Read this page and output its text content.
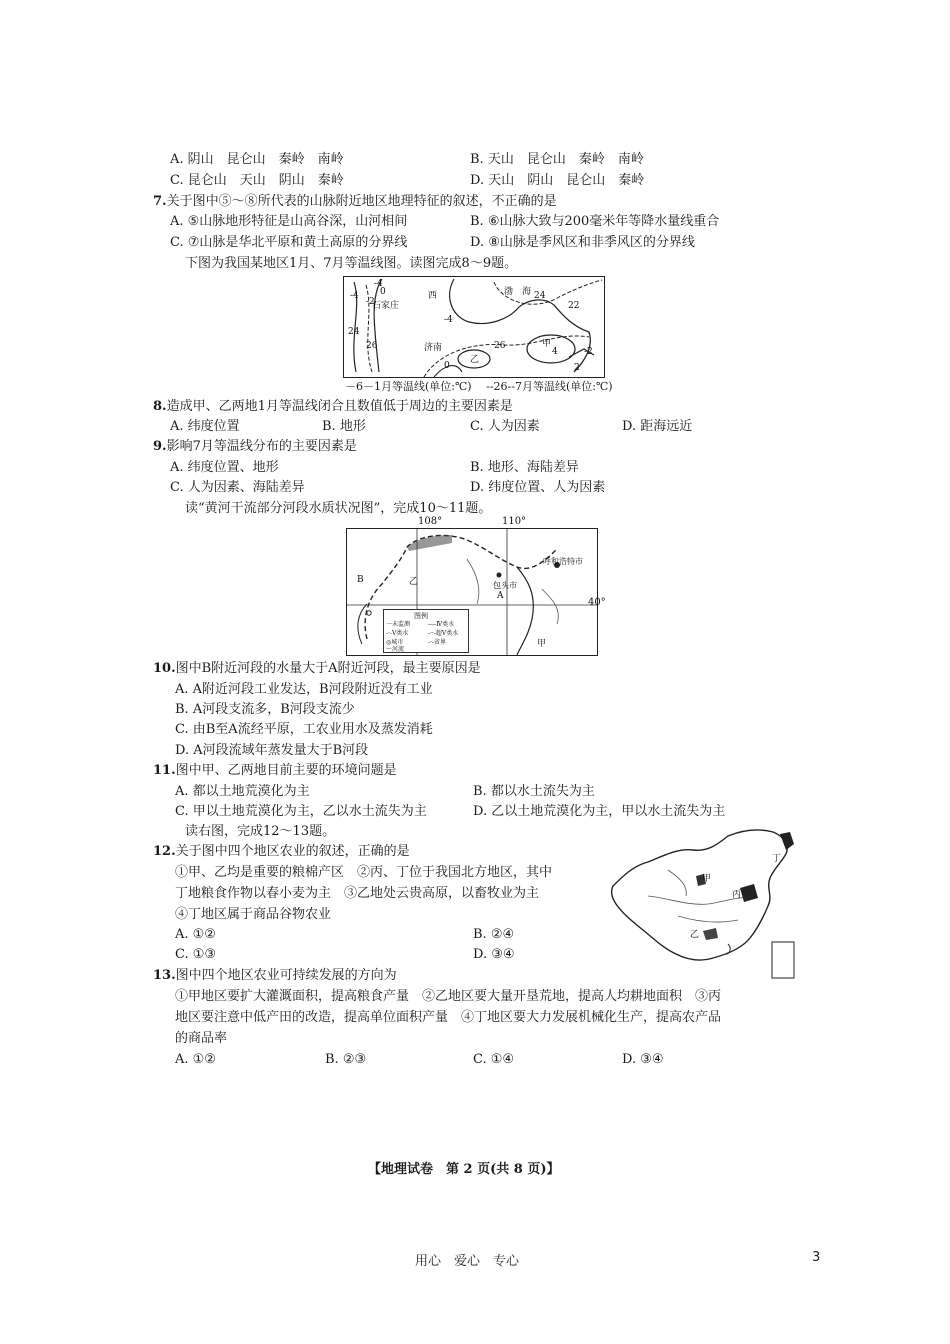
A. 阴山　昆仑山　秦岭　南岭	B. 天山　昆仑山　秦岭　南岭
C. 昆仑山　天山　阴山　秦岭	D. 天山　阴山　昆仑山　秦岭
7.关于图中⑤～⑧所代表的山脉附近地区地理特征的叙述，不正确的是
A. ⑤山脉地形特征是山高谷深，山河相间	B. ⑥山脉大致与200毫米年等降水量线重合
C. ⑦山脉是华北平原和黄土高原的分界线	D. ⑧山脉是季风区和非季风区的分界线
下图为我国某地区1月、7月等温线图。读图完成8～9题。
-4
-4
-2
0
石家庄
西	渤 海 24
22
24
26	济南
乙
26	甲
4	-2
-4
0	2
－6－1月等温线(单位:℃)　 --26--7月等温线(单位:℃)
8.造成甲、乙两地1月等温线闭合且数值低于周边的主要因素是
A. 纬度位置	B. 地形	C. 人为因素	D. 距海远近
9.影响7月等温线分布的主要因素是
A. 纬度位置、地形	B. 地形、海陆差异
C. 人为因素、海陆差异	D. 纬度位置、人为因素
读“黄河干流部分河段水质状况图”，完成10～11题。
108°	110°
B
A
乙
甲
包头市
呼和浩特市
图例
一未监测	----Ⅳ类水
-·-Ⅴ类水	-··-超Ⅴ类水
◎城市	-·-省界
～河流
40°
10.图中B附近河段的水量大于A附近河段，最主要原因是
A. A附近河段工业发达，B河段附近没有工业
B. A河段支流多，B河段支流少
C. 由B至A流经平原，工农业用水及蒸发消耗
D. A河段流域年蒸发量大于B河段
11.图中甲、乙两地目前主要的环境问题是
A. 都以土地荒漠化为主	B. 都以水土流失为主
C. 甲以土地荒漠化为主，乙以水土流失为主	D. 乙以土地荒漠化为主，甲以水土流失为主
读右图，完成12～13题。
12.关于图中四个地区农业的叙述，正确的是
①甲、乙均是重要的粮棉产区　②丙、丁位于我国北方地区，其中
丁地粮食作物以春小麦为主　③乙地处云贵高原，以畜牧业为主
④丁地区属于商品谷物农业
A. ①②	B. ②④
C. ①③	D. ③④
甲
乙
丙
丁
13.图中四个地区农业可持续发展的方向为
①甲地区要扩大灌溉面积，提高粮食产量　②乙地区要大量开垦荒地，提高人均耕地面积　③丙
地区要注意中低产田的改造，提高单位面积产量　④丁地区要大力发展机械化生产，提高农产品
的商品率
A. ①②	B. ②③	C. ①④	D. ③④
【地理试卷　第 2 页(共 8 页)】
用心　爱心　专心	3
